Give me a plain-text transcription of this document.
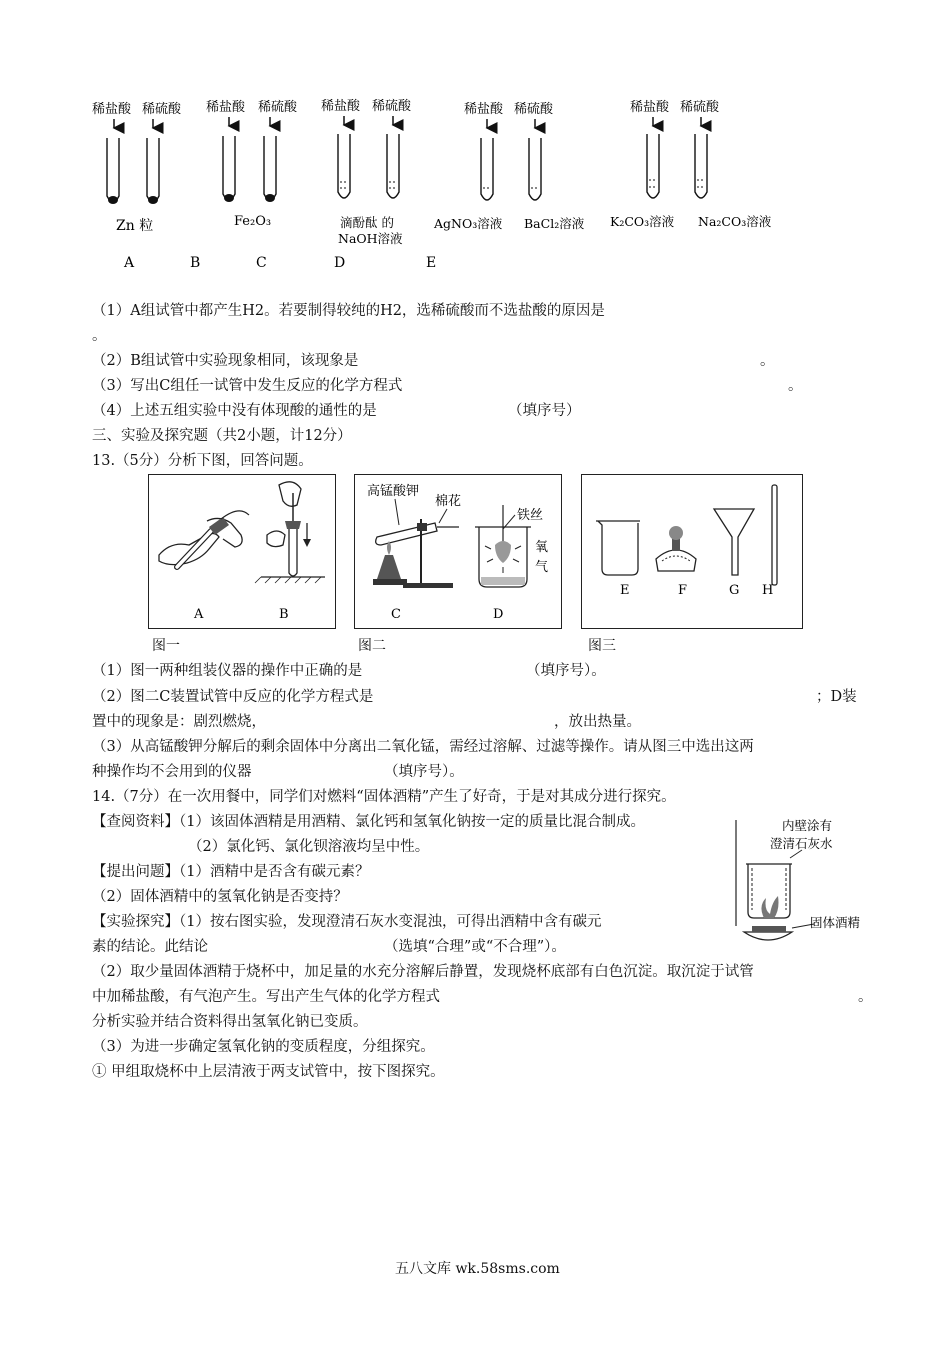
稀盐酸 稀硫酸
Zn 粒
A
稀盐酸 稀硫酸
Fe₂O₃
B
稀盐酸 稀硫酸
滴酚酞 的
NaOH溶液
C
稀盐酸 稀硫酸
AgNO₃溶液 BaCl₂溶液
D
稀盐酸 稀硫酸
K₂CO₃溶液 Na₂CO₃溶液
E
（1）A组试管中都产生H2。若要制得较纯的H2，选稀硫酸而不选盐酸的原因是
。
（2）B组试管中实验现象相同，该现象是	。
（3）写出C组任一试管中发生反应的化学方程式	。
（4）上述五组实验中没有体现酸的通性的是	（填序号）
三、实验及探究题（共2小题，计12分）
13.（5分）分析下图，回答问题。
A	B
图一
高锰酸钾
棉花
铁丝
氧
气
C	D
图二
E	F	G H
图三
（1）图一两种组装仪器的操作中正确的是	（填序号）。
（2）图二C装置试管中反应的化学方程式是	；D装
置中的现象是：剧烈燃烧，	，放出热量。
（3）从高锰酸钾分解后的剩余固体中分离出二氧化锰，需经过溶解、过滤等操作。请从图三中选出这两
种操作均不会用到的仪器	（填序号）。
14.（7分）在一次用餐中，同学们对燃料“固体酒精”产生了好奇，于是对其成分进行探究。
【查阅资料】（1）该固体酒精是用酒精、氯化钙和氢氧化钠按一定的质量比混合制成。
（2）氯化钙、氯化钡溶液均呈中性。
【提出问题】（1）酒精中是否含有碳元素？
（2）固体酒精中的氢氧化钠是否变持？
【实验探究】（1）按右图实验，发现澄清石灰水变混浊，可得出酒精中含有碳元
素的结论。此结论	（选填“合理”或“不合理”）。
（2）取少量固体酒精于烧杯中，加足量的水充分溶解后静置，发现烧杯底部有白色沉淀。取沉淀于试管
中加稀盐酸，有气泡产生。写出产生气体的化学方程式	。
分析实验并结合资料得出氢氧化钠已变质。
（3）为进一步确定氢氧化钠的变质程度，分组探究。
① 甲组取烧杯中上层清液于两支试管中，按下图探究。
内壁涂有
澄清石灰水
固体酒精
五八文库 wk.58sms.com
